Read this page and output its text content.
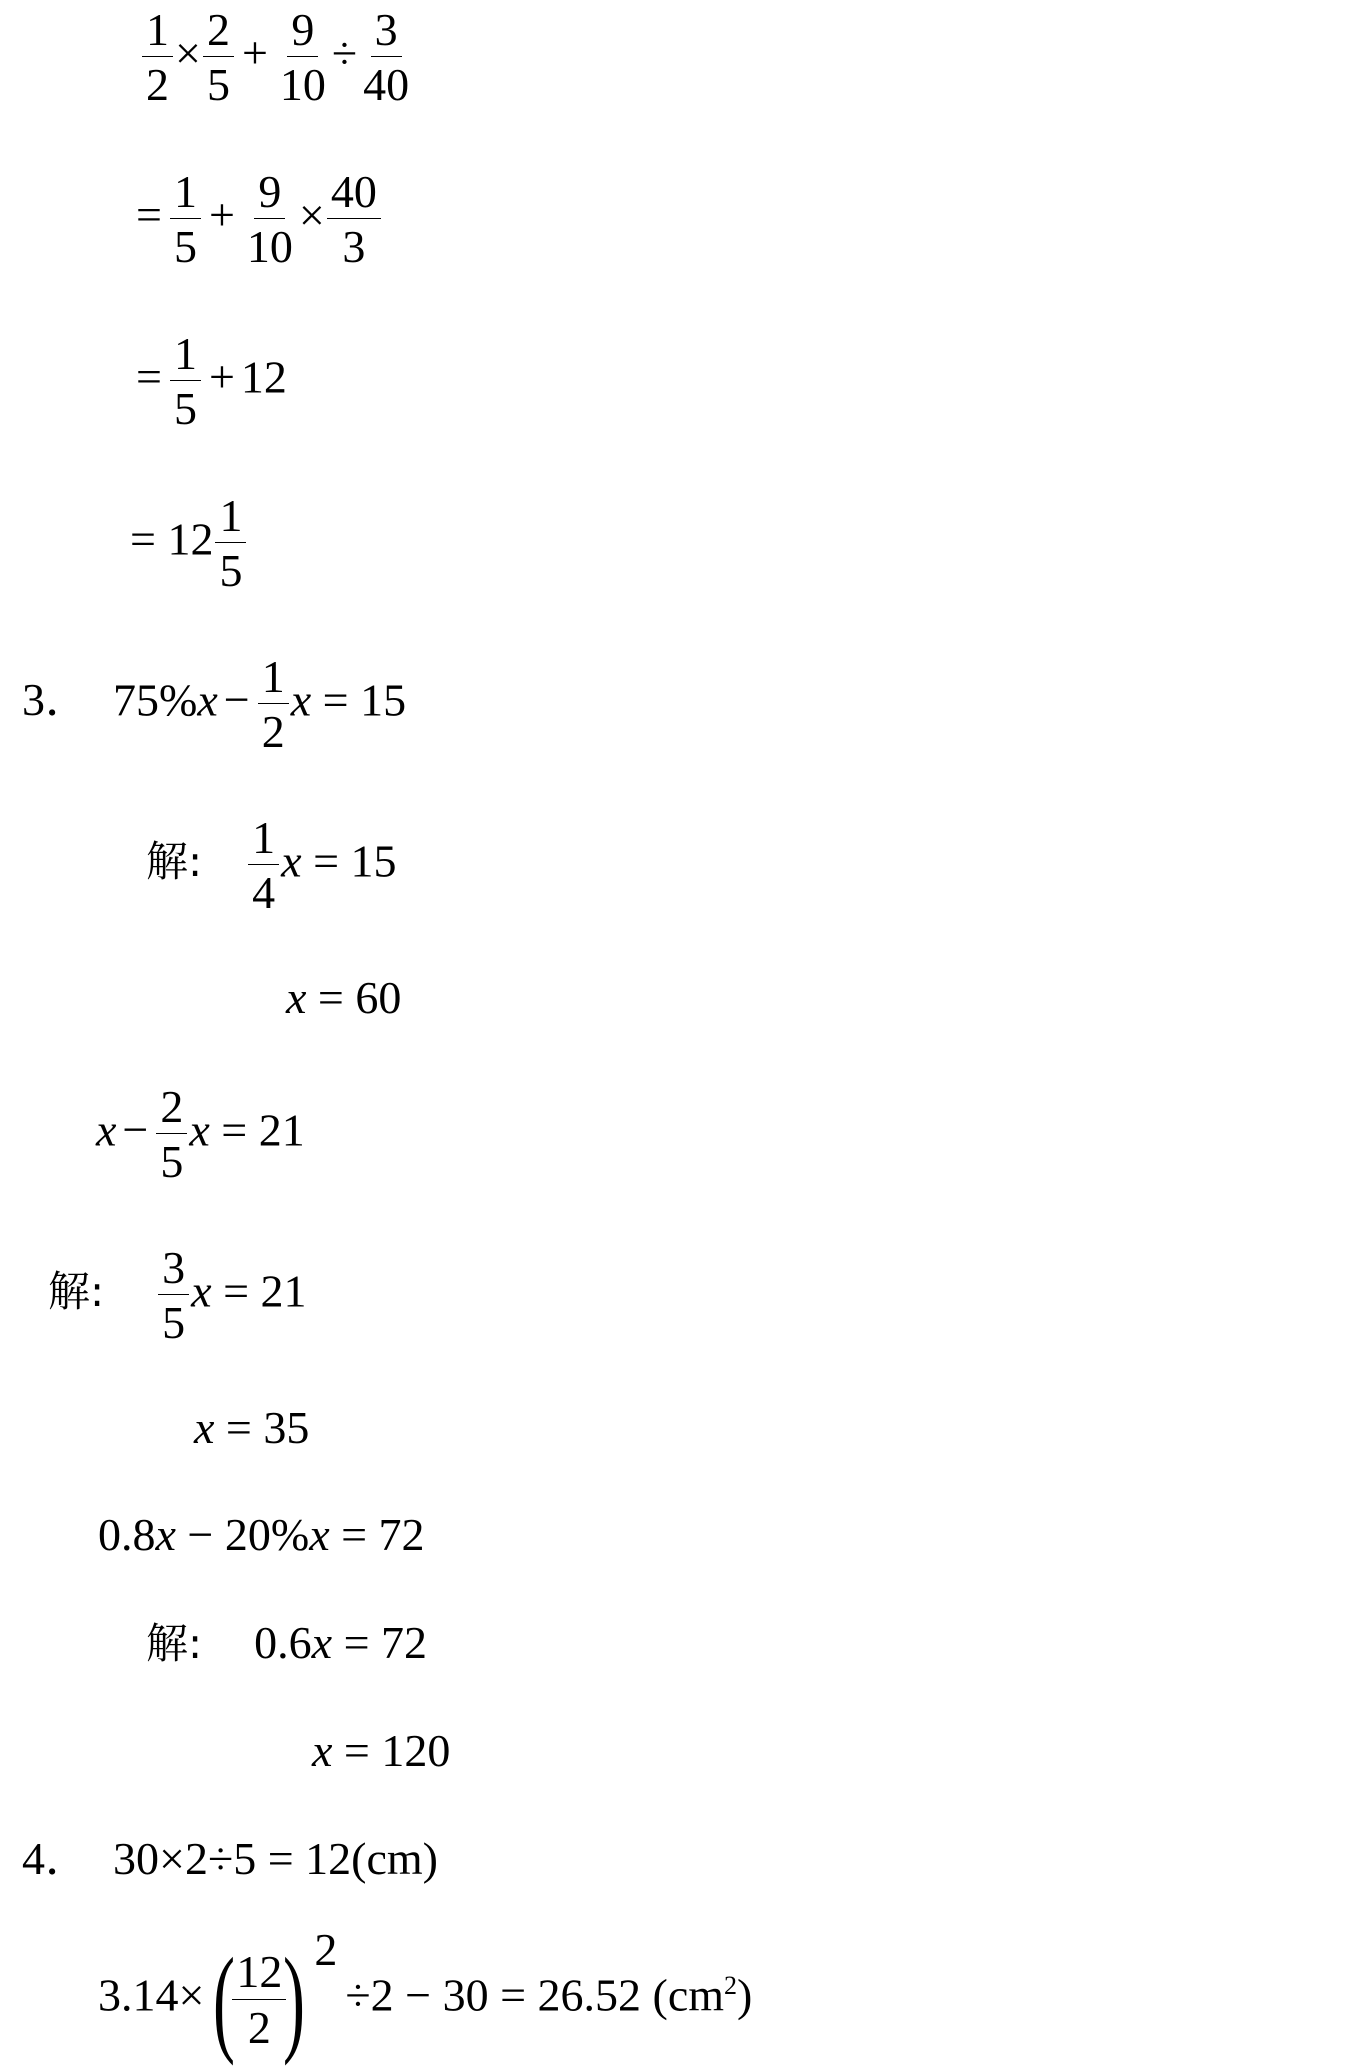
$\frac{1}{2} \times \frac{2}{5} + \frac{9}{10} \div \frac{3}{40}$
= $\frac{1}{5} + \frac{9}{10} \times \frac{40}{3}$
= $\frac{1}{5} + 12$
= $12 \frac{1}{5}$
3． $75\%x - \frac{1}{2}$ x = 15
解: $\frac{1}{4}$ x = 15
x = 60
$x - \frac{2}{5}$ x = 21
解: $\frac{3}{5}$ x = 21
x = 35
0.8x − 20%x = 72
解: 0.6x = 72
x = 120
4． 30×2÷5 = 12(cm)
3.14×(
$\frac{12}{2}$
) 2÷2 − 30 = 26.52 $(cm^2)$
